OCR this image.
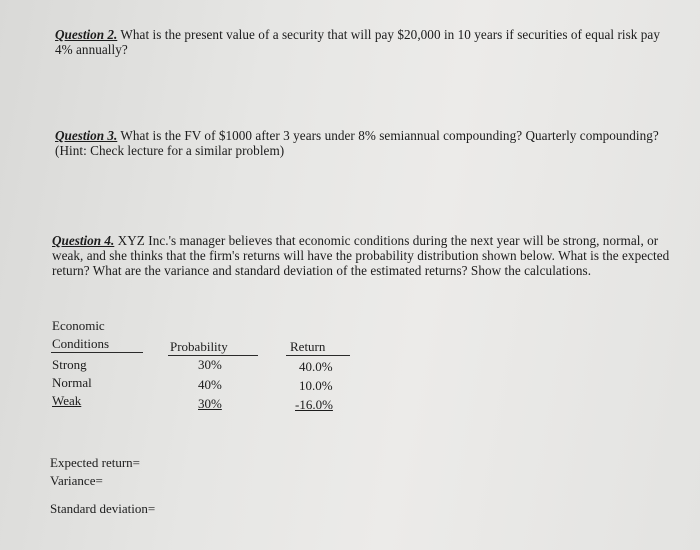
Question 2. What is the present value of a security that will pay $20,000 in 10 years if securities of equal risk pay 4% annually?
Question 3. What is the FV of $1000 after 3 years under 8% semiannual compounding? Quarterly compounding? (Hint: Check lecture for a similar problem)
Question 4. XYZ Inc.'s manager believes that economic conditions during the next year will be strong, normal, or weak, and she thinks that the firm's returns will have the probability distribution shown below. What is the expected return? What are the variance and standard deviation of the estimated returns? Show the calculations.
Economic
Conditions	Probability	Return
Strong	30%	40.0%
Normal	40%	10.0%
Weak	30%	-16.0%
Expected return=
Variance=
Standard deviation=
